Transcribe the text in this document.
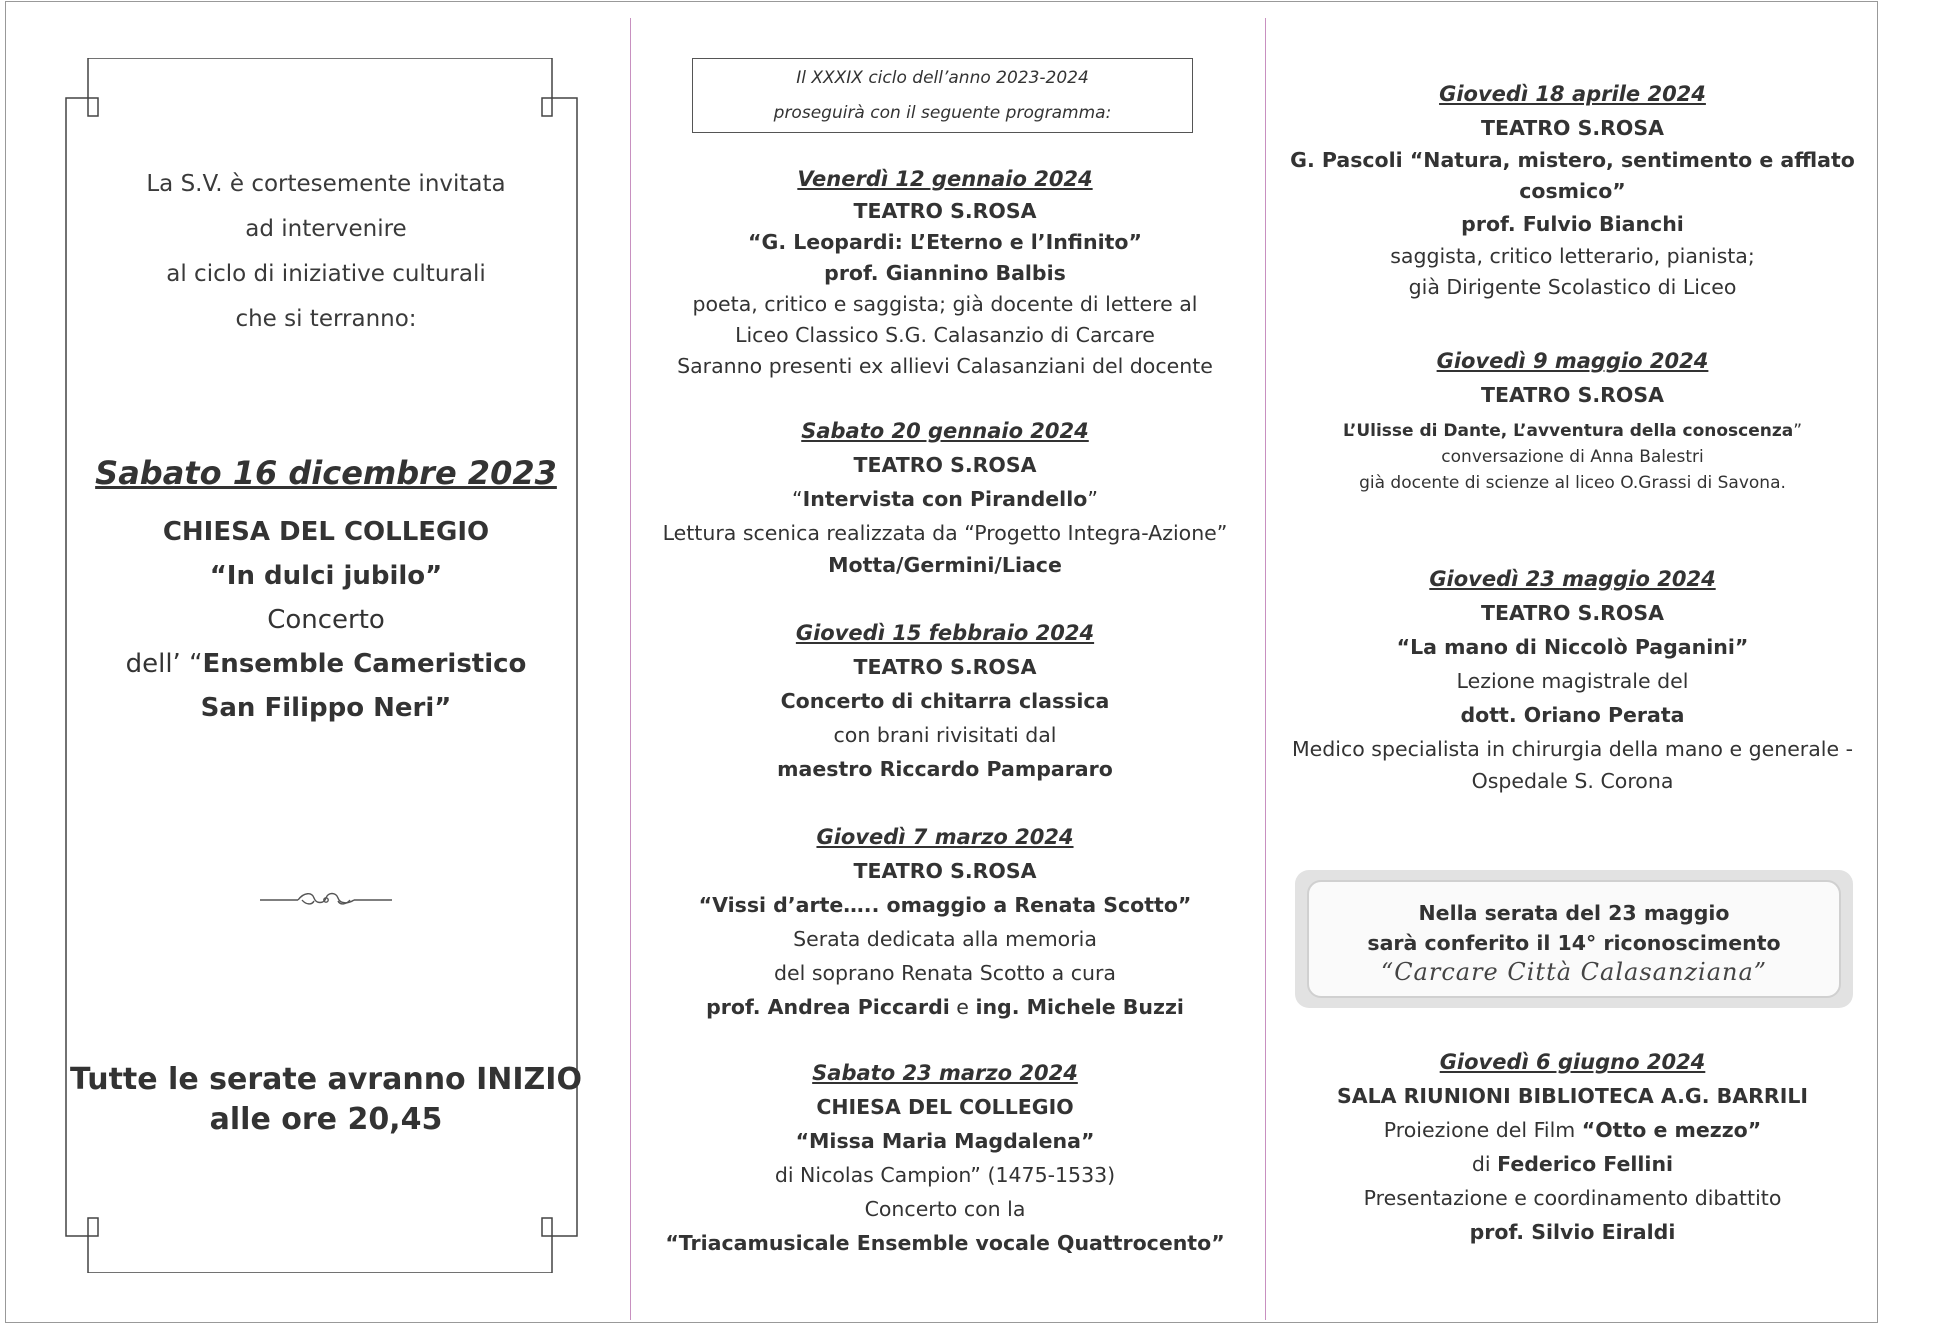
La S.V. è cortesemente invitata
ad intervenire
al ciclo di iniziative culturali
che si terranno:
Sabato 16 dicembre 2023
CHIESA DEL COLLEGIO
“In dulci jubilo”
Concerto
dell’ “Ensemble Cameristico
San Filippo Neri”
Tutte le serate avranno INIZIO
alle ore 20,45
Il XXXIX ciclo dell’anno 2023-2024
proseguirà con il seguente programma:
Venerdì 12 gennaio 2024
TEATRO S.ROSA
“G. Leopardi: L’Eterno e l’Infinito”
prof. Giannino Balbis
poeta, critico e saggista; già docente di lettere al
Liceo Classico S.G. Calasanzio di Carcare
Saranno presenti ex allievi Calasanziani del docente
Sabato 20 gennaio 2024
TEATRO S.ROSA
“Intervista con Pirandello”
Lettura scenica realizzata da “Progetto Integra-Azione”
Motta/Germini/Liace
Giovedì 15 febbraio 2024
TEATRO S.ROSA
Concerto di chitarra classica
con brani rivisitati dal
maestro Riccardo Pampararo
Giovedì 7 marzo 2024
TEATRO S.ROSA
“Vissi d’arte….. omaggio a Renata Scotto”
Serata dedicata alla memoria
del soprano Renata Scotto a cura
prof. Andrea Piccardi e ing. Michele Buzzi
Sabato 23 marzo 2024
CHIESA DEL COLLEGIO
“Missa Maria Magdalena”
di Nicolas Campion” (1475-1533)
Concerto con la
“Triacamusicale Ensemble vocale Quattrocento”
Giovedì 18 aprile 2024
TEATRO S.ROSA
G. Pascoli “Natura, mistero, sentimento e afflato
cosmico”
prof. Fulvio Bianchi
saggista, critico letterario, pianista;
già Dirigente Scolastico di Liceo
Giovedì 9 maggio 2024
TEATRO S.ROSA
L’Ulisse di Dante, L’avventura della conoscenza”
conversazione di Anna Balestri
già docente di scienze al liceo O.Grassi di Savona.
Giovedì 23 maggio 2024
TEATRO S.ROSA
“La mano di Niccolò Paganini”
Lezione magistrale del
dott. Oriano Perata
Medico specialista in chirurgia della mano e generale -
Ospedale S. Corona
Nella serata del 23 maggio
sarà conferito il 14° riconoscimento
“Carcare Città Calasanziana”
Giovedì 6 giugno 2024
SALA RIUNIONI BIBLIOTECA A.G. BARRILI
Proiezione del Film “Otto e mezzo”
di Federico Fellini
Presentazione e coordinamento dibattito
prof. Silvio Eiraldi
